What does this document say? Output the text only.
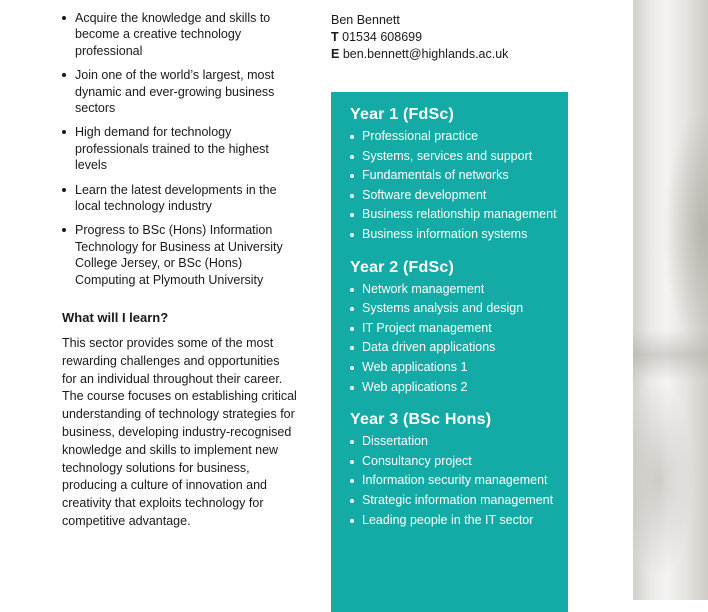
Acquire the knowledge and skills to become a creative technology professional
Join one of the world’s largest, most dynamic and ever-growing business sectors
High demand for technology professionals trained to the highest levels
Learn the latest developments in the local technology industry
Progress to BSc (Hons) Information Technology for Business at University College Jersey, or BSc (Hons) Computing at Plymouth University
What will I learn?

This sector provides some of the most rewarding challenges and opportunities for an individual throughout their career. The course focuses on establishing critical understanding of technology strategies for business, developing industry-recognised knowledge and skills to implement new technology solutions for business, producing a culture of innovation and creativity that exploits technology for competitive advantage.

Ben Bennett
T 01534 608699
E ben.bennett@highlands.ac.uk
Year 1 (FdSc)
Professional practice
Systems, services and support
Fundamentals of networks
Software development
Business relationship management
Business information systems
Year 2 (FdSc)
Network management
Systems analysis and design
IT Project management
Data driven applications
Web applications 1
Web applications 2
Year 3 (BSc Hons)
Dissertation
Consultancy project
Information security management
Strategic information management
Leading people in the IT sector
